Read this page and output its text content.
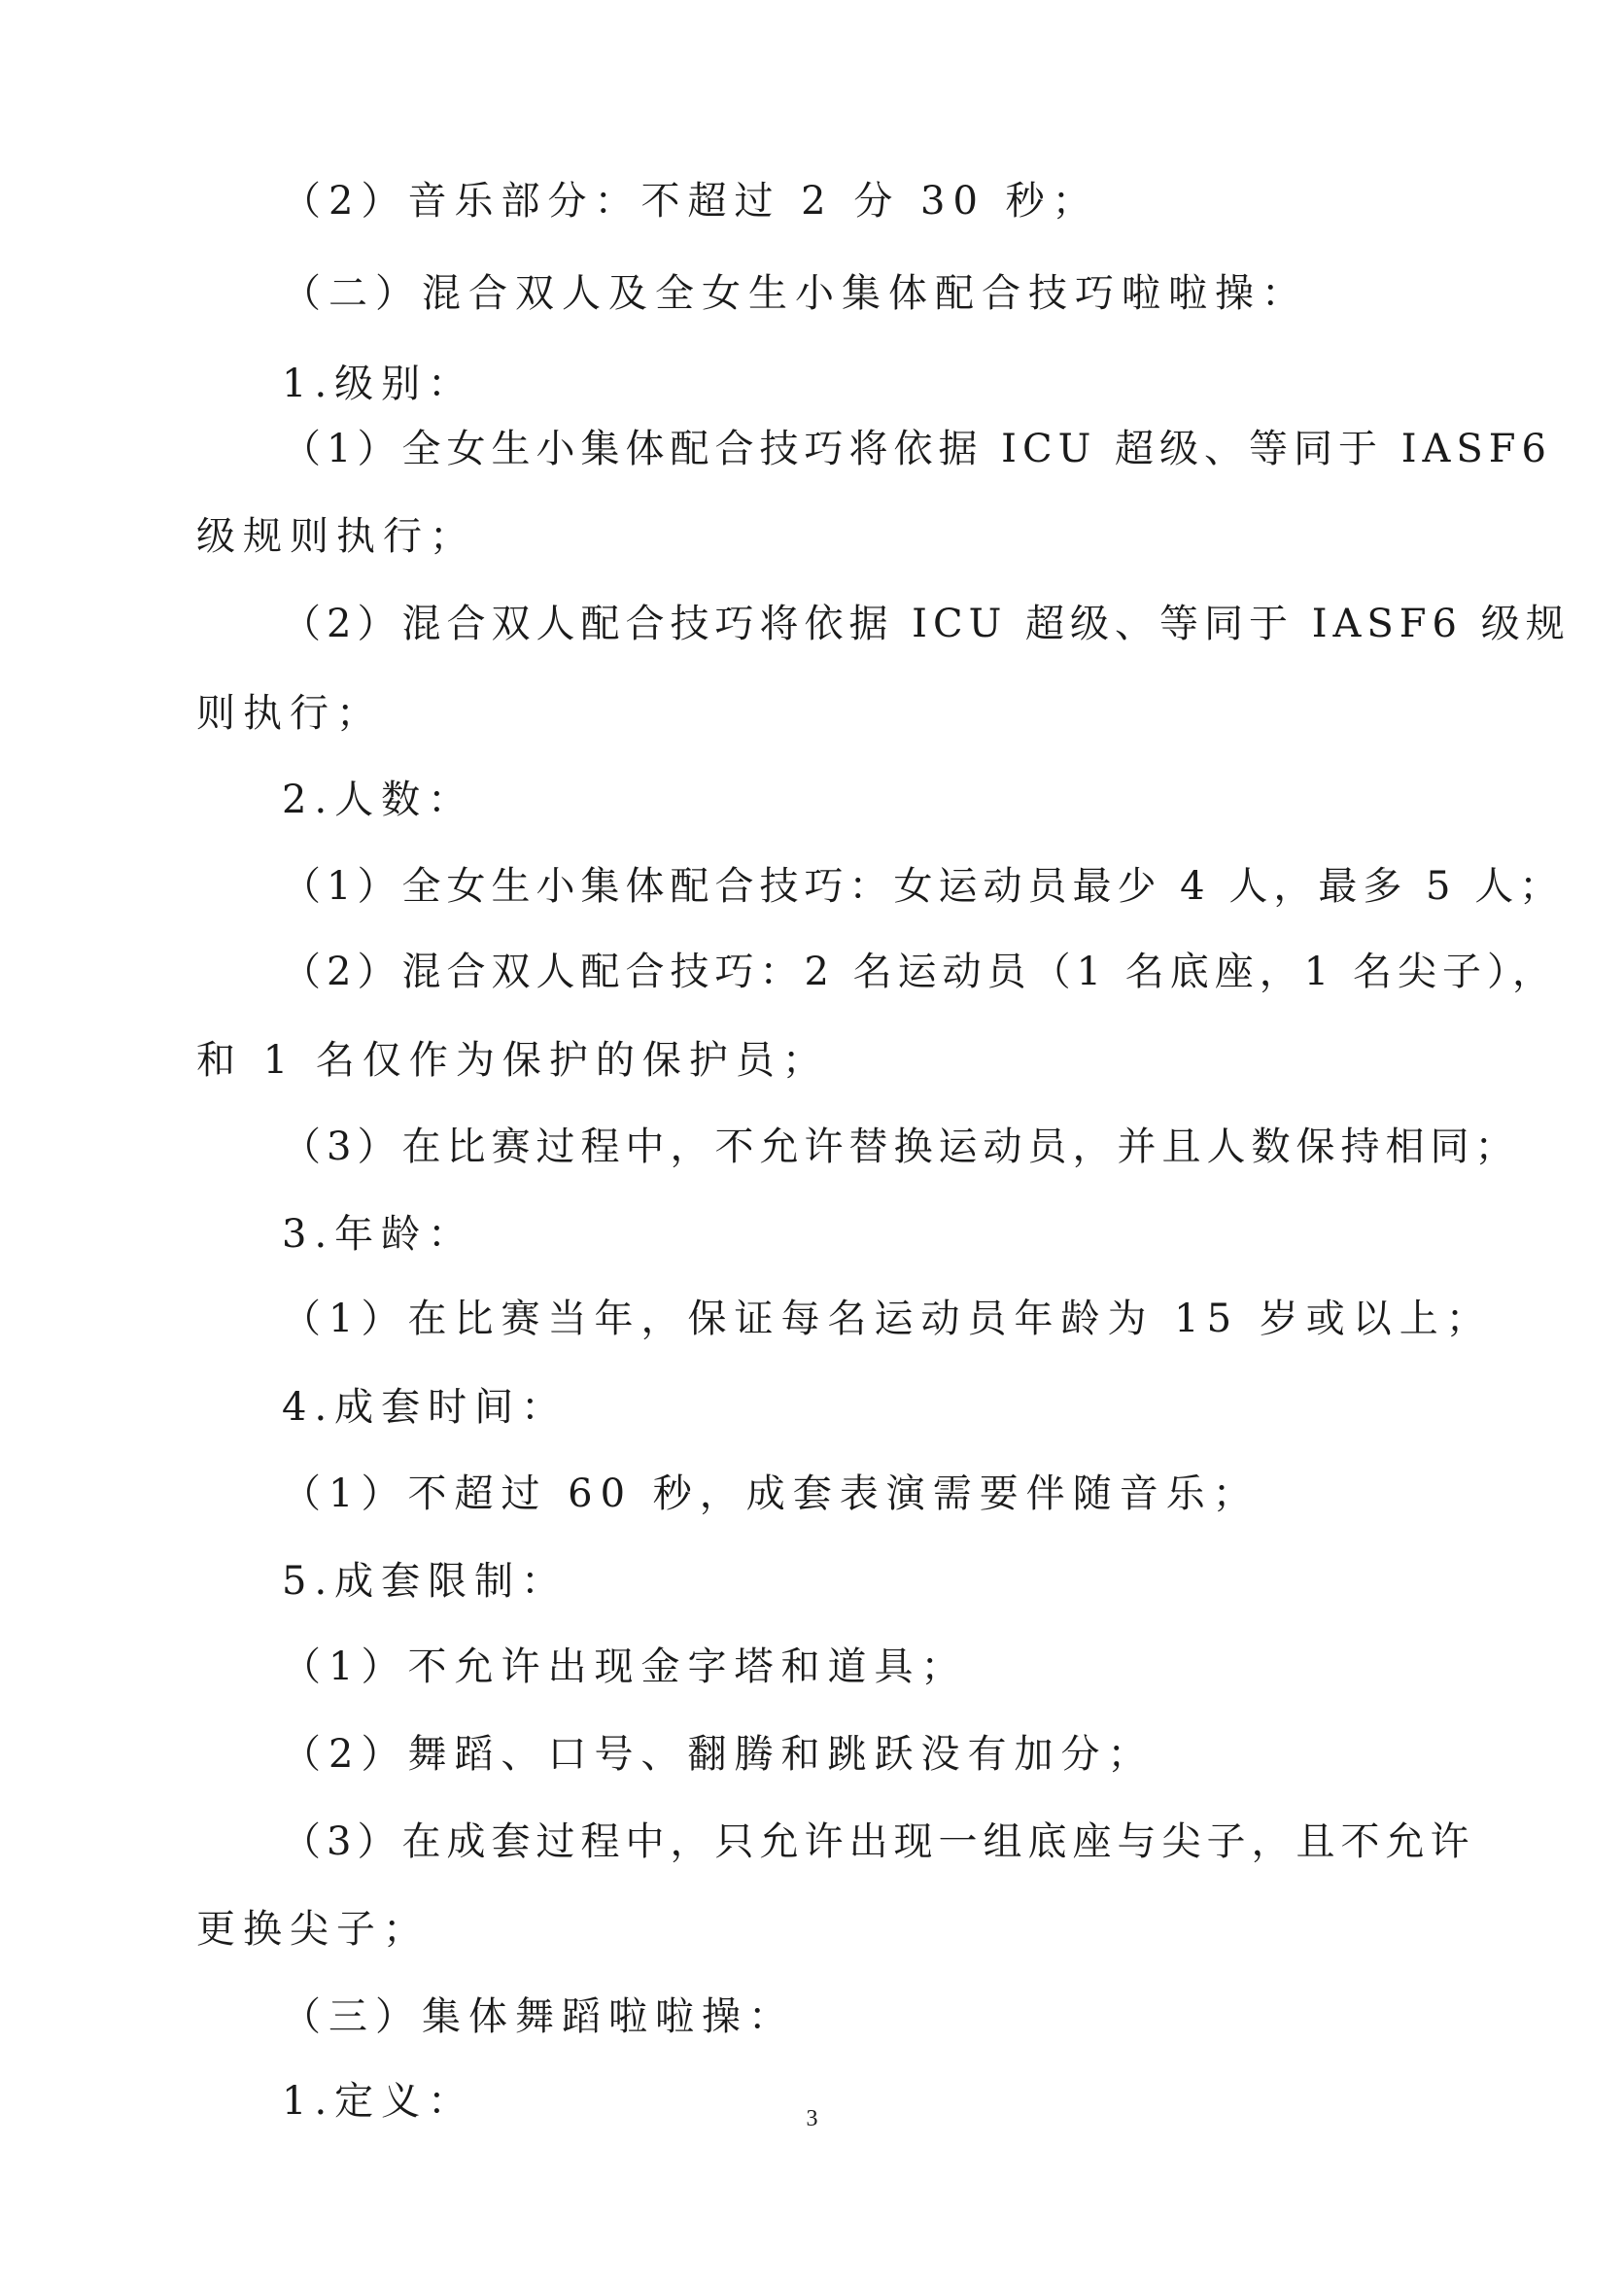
（2）音乐部分：不超过 2 分 30 秒；
（二）混合双人及全女生小集体配合技巧啦啦操：
1.级别：
（1）全女生小集体配合技巧将依据 ICU 超级、等同于 IASF6
级规则执行；
（2）混合双人配合技巧将依据 ICU 超级、等同于 IASF6 级规
则执行；
2.人数：
（1）全女生小集体配合技巧：女运动员最少 4 人，最多 5 人；
（2）混合双人配合技巧：2 名运动员（1 名底座，1 名尖子），
和 1 名仅作为保护的保护员；
（3）在比赛过程中，不允许替换运动员，并且人数保持相同；
3.年龄：
（1）在比赛当年，保证每名运动员年龄为 15 岁或以上；
4.成套时间：
（1）不超过 60 秒，成套表演需要伴随音乐；
5.成套限制：
（1）不允许出现金字塔和道具；
（2）舞蹈、口号、翻腾和跳跃没有加分；
（3）在成套过程中，只允许出现一组底座与尖子，且不允许
更换尖子；
（三）集体舞蹈啦啦操：
1.定义：	3
